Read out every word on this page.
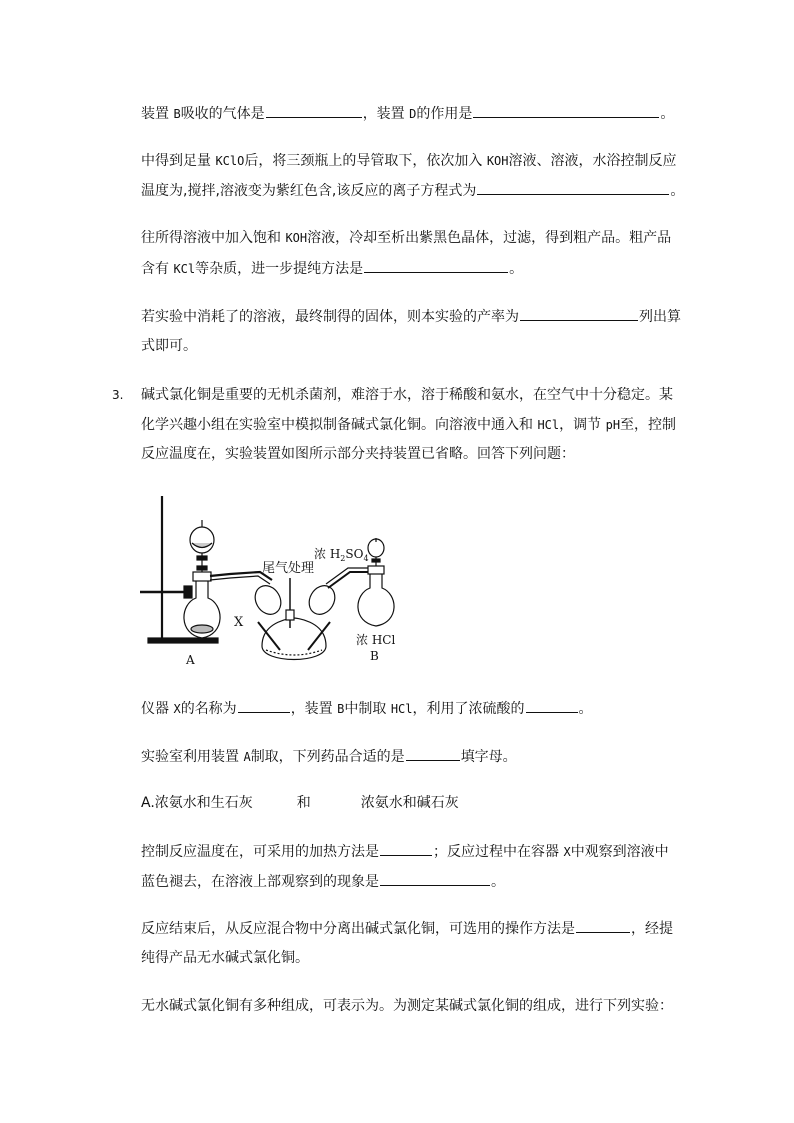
装置 B吸收的气体是	，装置 D的作用是	。
中得到足量 KClO后，将三颈瓶上的导管取下，依次加入 KOH溶液、溶液，水浴控制反应
温度为,搅拌,溶液变为紫红色含,该反应的离子方程式为	。
往所得溶液中加入饱和 KOH溶液，冷却至析出紫黑色晶体，过滤，得到粗产品。粗产品
含有 KCl等杂质，进一步提纯方法是	。
若实验中消耗了的溶液，最终制得的固体，则本实验的产率为	列出算
式即可。
3. 碱式氯化铜是重要的无机杀菌剂，难溶于水，溶于稀酸和氨水，在空气中十分稳定。某
化学兴趣小组在实验室中模拟制备碱式氯化铜。向溶液中通入和 HCl，调节 pH至，控制
反应温度在，实验装置如图所示部分夹持装置已省略。回答下列问题：
A	B
X
尾气处理
浓 $H_2SO_4$
浓 HCl
仪器 X的名称为	，装置 B中制取 HCl，利用了浓硫酸的	。
实验室利用装置 A制取，下列药品合适的是	填字母。
A.浓氨水和生石灰	和	浓氨水和碱石灰
控制反应温度在，可采用的加热方法是	；反应过程中在容器 X中观察到溶液中
蓝色褪去，在溶液上部观察到的现象是	。
反应结束后，从反应混合物中分离出碱式氯化铜，可选用的操作方法是	，经提
纯得产品无水碱式氯化铜。
无水碱式氯化铜有多种组成，可表示为。为测定某碱式氯化铜的组成，进行下列实验：
